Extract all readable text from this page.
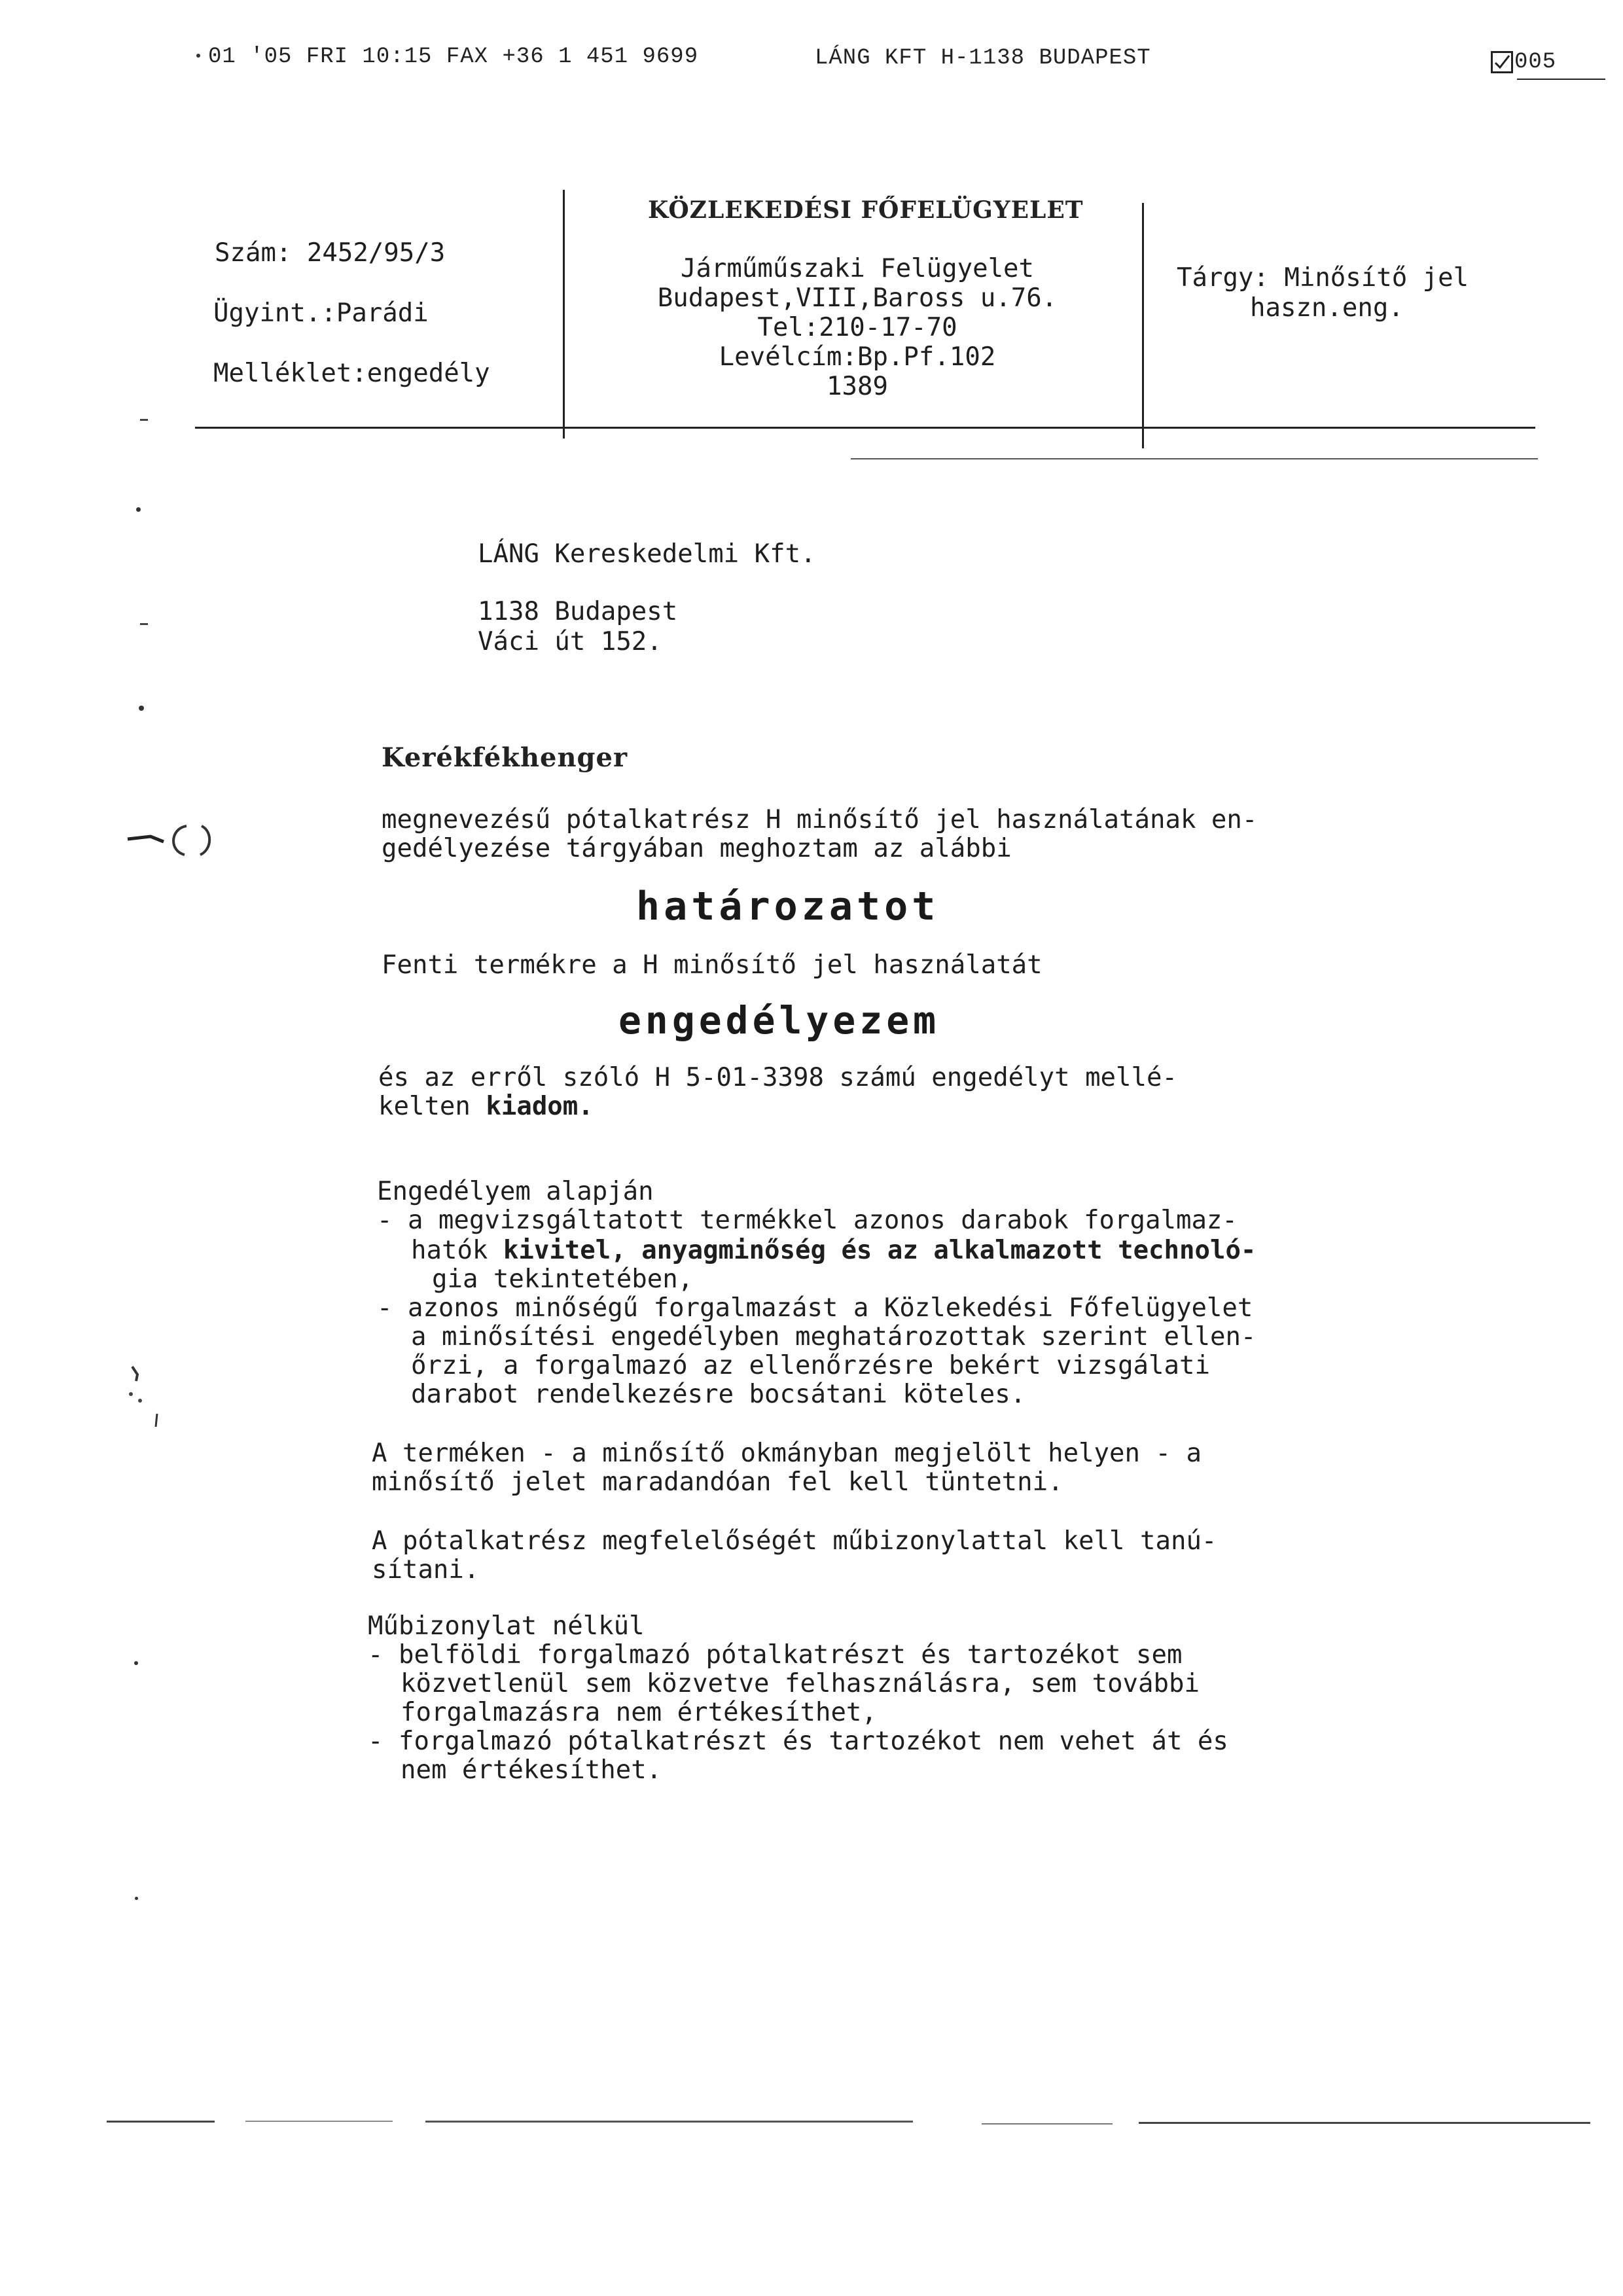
01 '05 FRI 10:15 FAX +36 1 451 9699	LÁNG KFT H-1138 BUDAPEST	005
Szám: 2452/95/3
Ügyint.:Parádi
Melléklet:engedély
KÖZLEKEDÉSI FŐFELÜGYELET
Járműműszaki Felügyelet
Budapest,VIII,Baross u.76.
Tel:210-17-70
Levélcím:Bp.Pf.102
1389
Tárgy: Minősítő jel
haszn.eng.
LÁNG Kereskedelmi Kft.
1138 Budapest
Váci út 152.
Kerékfékhenger
megnevezésű pótalkatrész H minősítő jel használatának en-
gedélyezése tárgyában meghoztam az alábbi
határozatot
Fenti termékre a H minősítő jel használatát
engedélyezem
és az erről szóló H 5-01-3398 számú engedélyt mellé-
kelten kiadom.
Engedélyem alapján
- a megvizsgáltatott termékkel azonos darabok forgalmaz-
hatók kivitel, anyagminőség és az alkalmazott technoló-
gia tekintetében,
- azonos minőségű forgalmazást a Közlekedési Főfelügyelet
a minősítési engedélyben meghatározottak szerint ellen-
őrzi, a forgalmazó az ellenőrzésre bekért vizsgálati
darabot rendelkezésre bocsátani köteles.
A terméken - a minősítő okmányban megjelölt helyen - a
minősítő jelet maradandóan fel kell tüntetni.
A pótalkatrész megfelelőségét műbizonylattal kell tanú-
sítani.
Műbizonylat nélkül
- belföldi forgalmazó pótalkatrészt és tartozékot sem
közvetlenül sem közvetve felhasználásra, sem további
forgalmazásra nem értékesíthet,
- forgalmazó pótalkatrészt és tartozékot nem vehet át és
nem értékesíthet.
